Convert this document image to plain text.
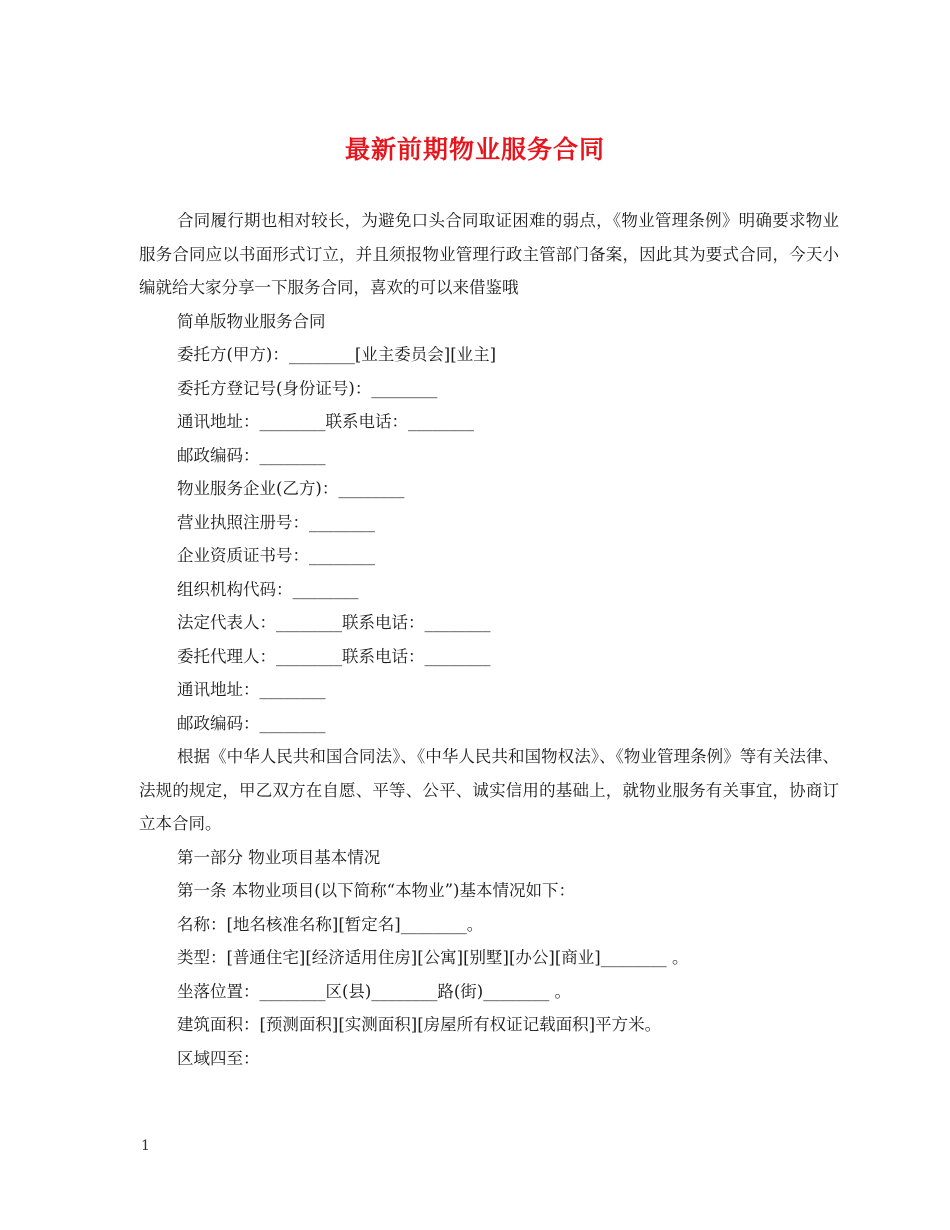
最新前期物业服务合同

合同履行期也相对较长，为避免口头合同取证困难的弱点，《物业管理条例》明确要求物业服务合同应以书面形式订立，并且须报物业管理行政主管部门备案，因此其为要式合同，今天小编就给大家分享一下服务合同，喜欢的可以来借鉴哦

简单版物业服务合同

委托方(甲方)：________[业主委员会][业主]

委托方登记号(身份证号)：________

通讯地址：________联系电话：________

邮政编码：________

物业服务企业(乙方)：________

营业执照注册号：________

企业资质证书号：________

组织机构代码：________

法定代表人：________联系电话：________

委托代理人：________联系电话：________

通讯地址：________

邮政编码：________

根据《中华人民共和国合同法》、《中华人民共和国物权法》、《物业管理条例》等有关法律、法规的规定，甲乙双方在自愿、平等、公平、诚实信用的基础上，就物业服务有关事宜，协商订立本合同。

第一部分 物业项目基本情况

第一条 本物业项目(以下简称“本物业”)基本情况如下：

名称：[地名核准名称][暂定名]________。

类型：[普通住宅][经济适用住房][公寓][别墅][办公][商业]________ 。

坐落位置：________区(县)________路(街)________ 。

建筑面积：[预测面积][实测面积][房屋所有权证记载面积]平方米。

区域四至：

1
